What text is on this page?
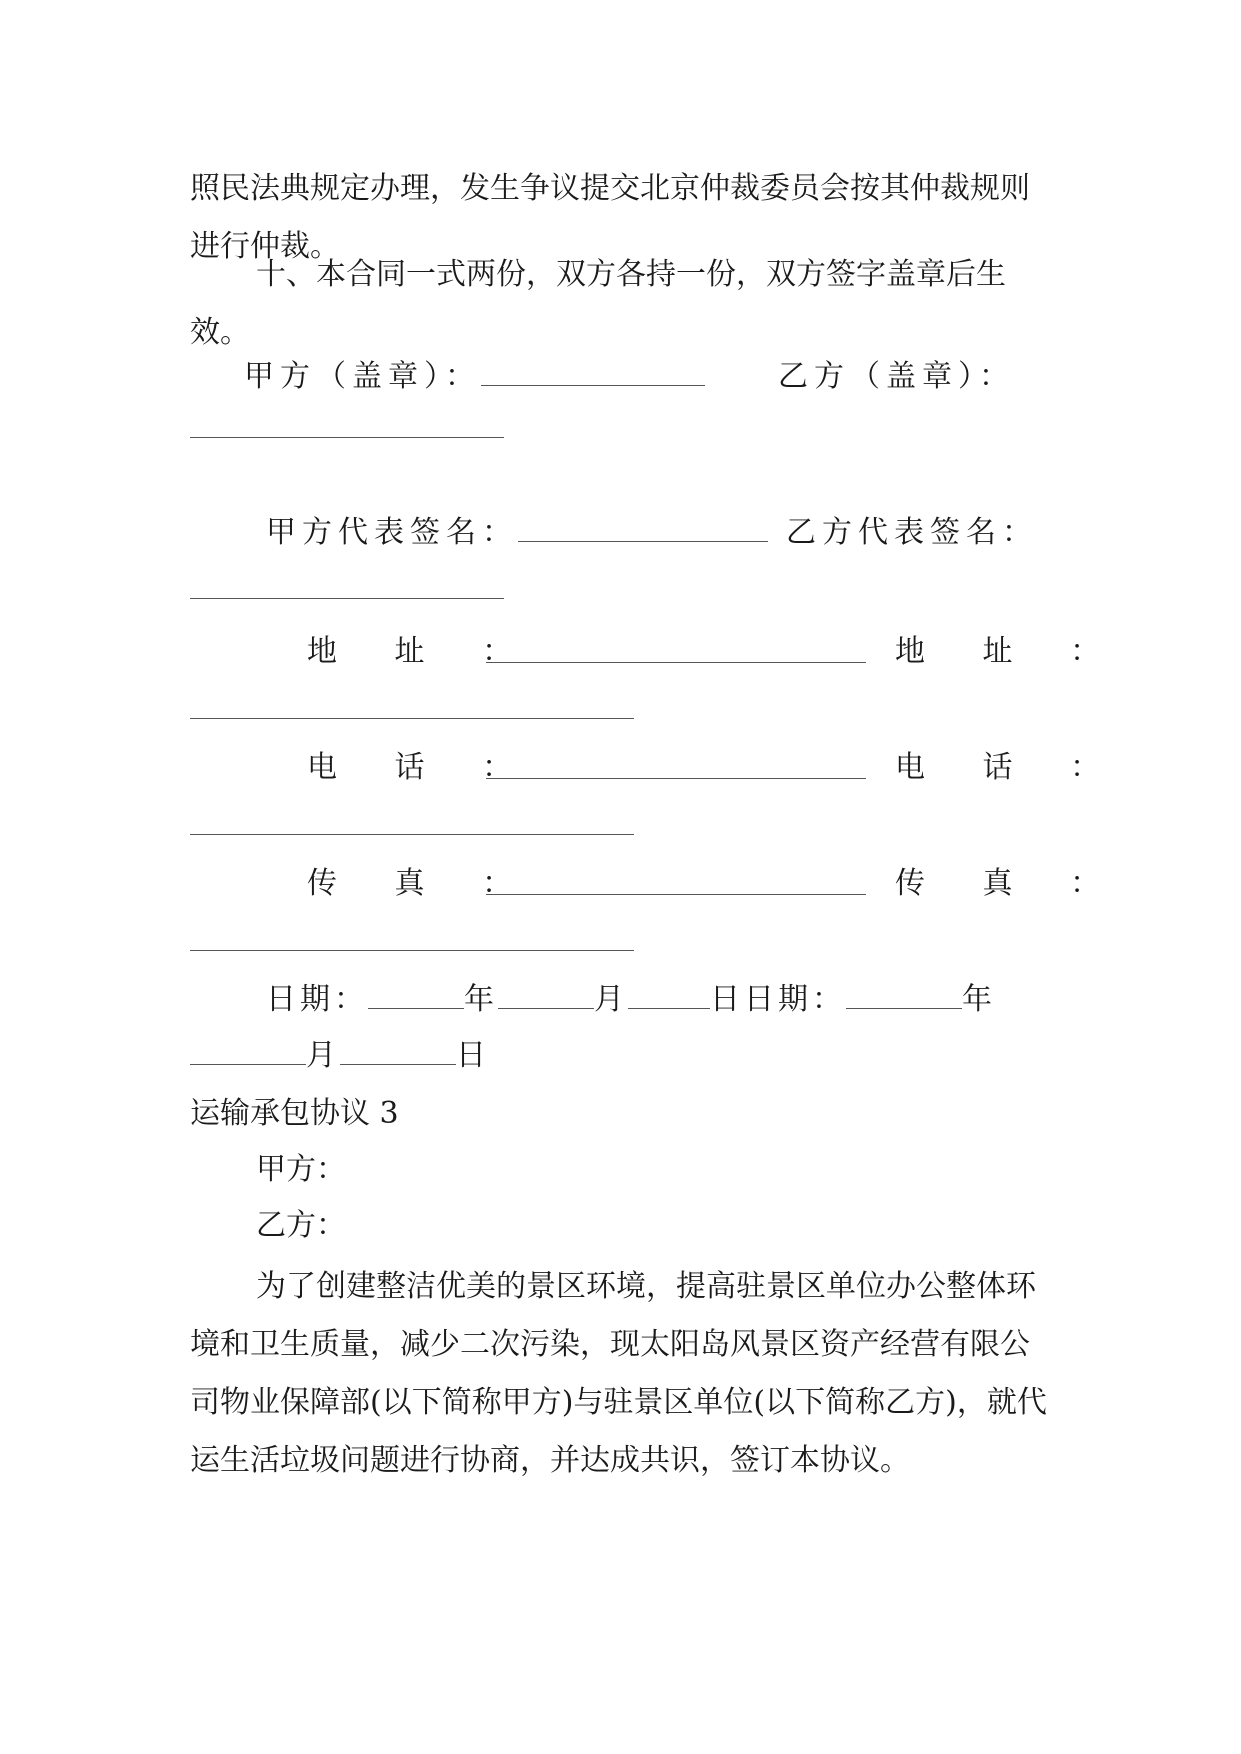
照民法典规定办理，发生争议提交北京仲裁委员会按其仲裁规则进行仲裁。

十、本合同一式两份，双方各持一份，双方签字盖章后生效。

甲方（盖章）：	乙方（盖章）：
甲方代表签名：	乙方代表签名：
地 址 ：	地 址 ：
电 话 ：	电 话 ：
传 真 ：	传 真 ：
日期：	年	月	日日期：	年
月	日
运输承包协议 3
甲方：
乙方：

为了创建整洁优美的景区环境，提高驻景区单位办公整体环境和卫生质量，减少二次污染，现太阳岛风景区资产经营有限公司物业保障部(以下简称甲方)与驻景区单位(以下简称乙方)，就代运生活垃圾问题进行协商，并达成共识，签订本协议。
